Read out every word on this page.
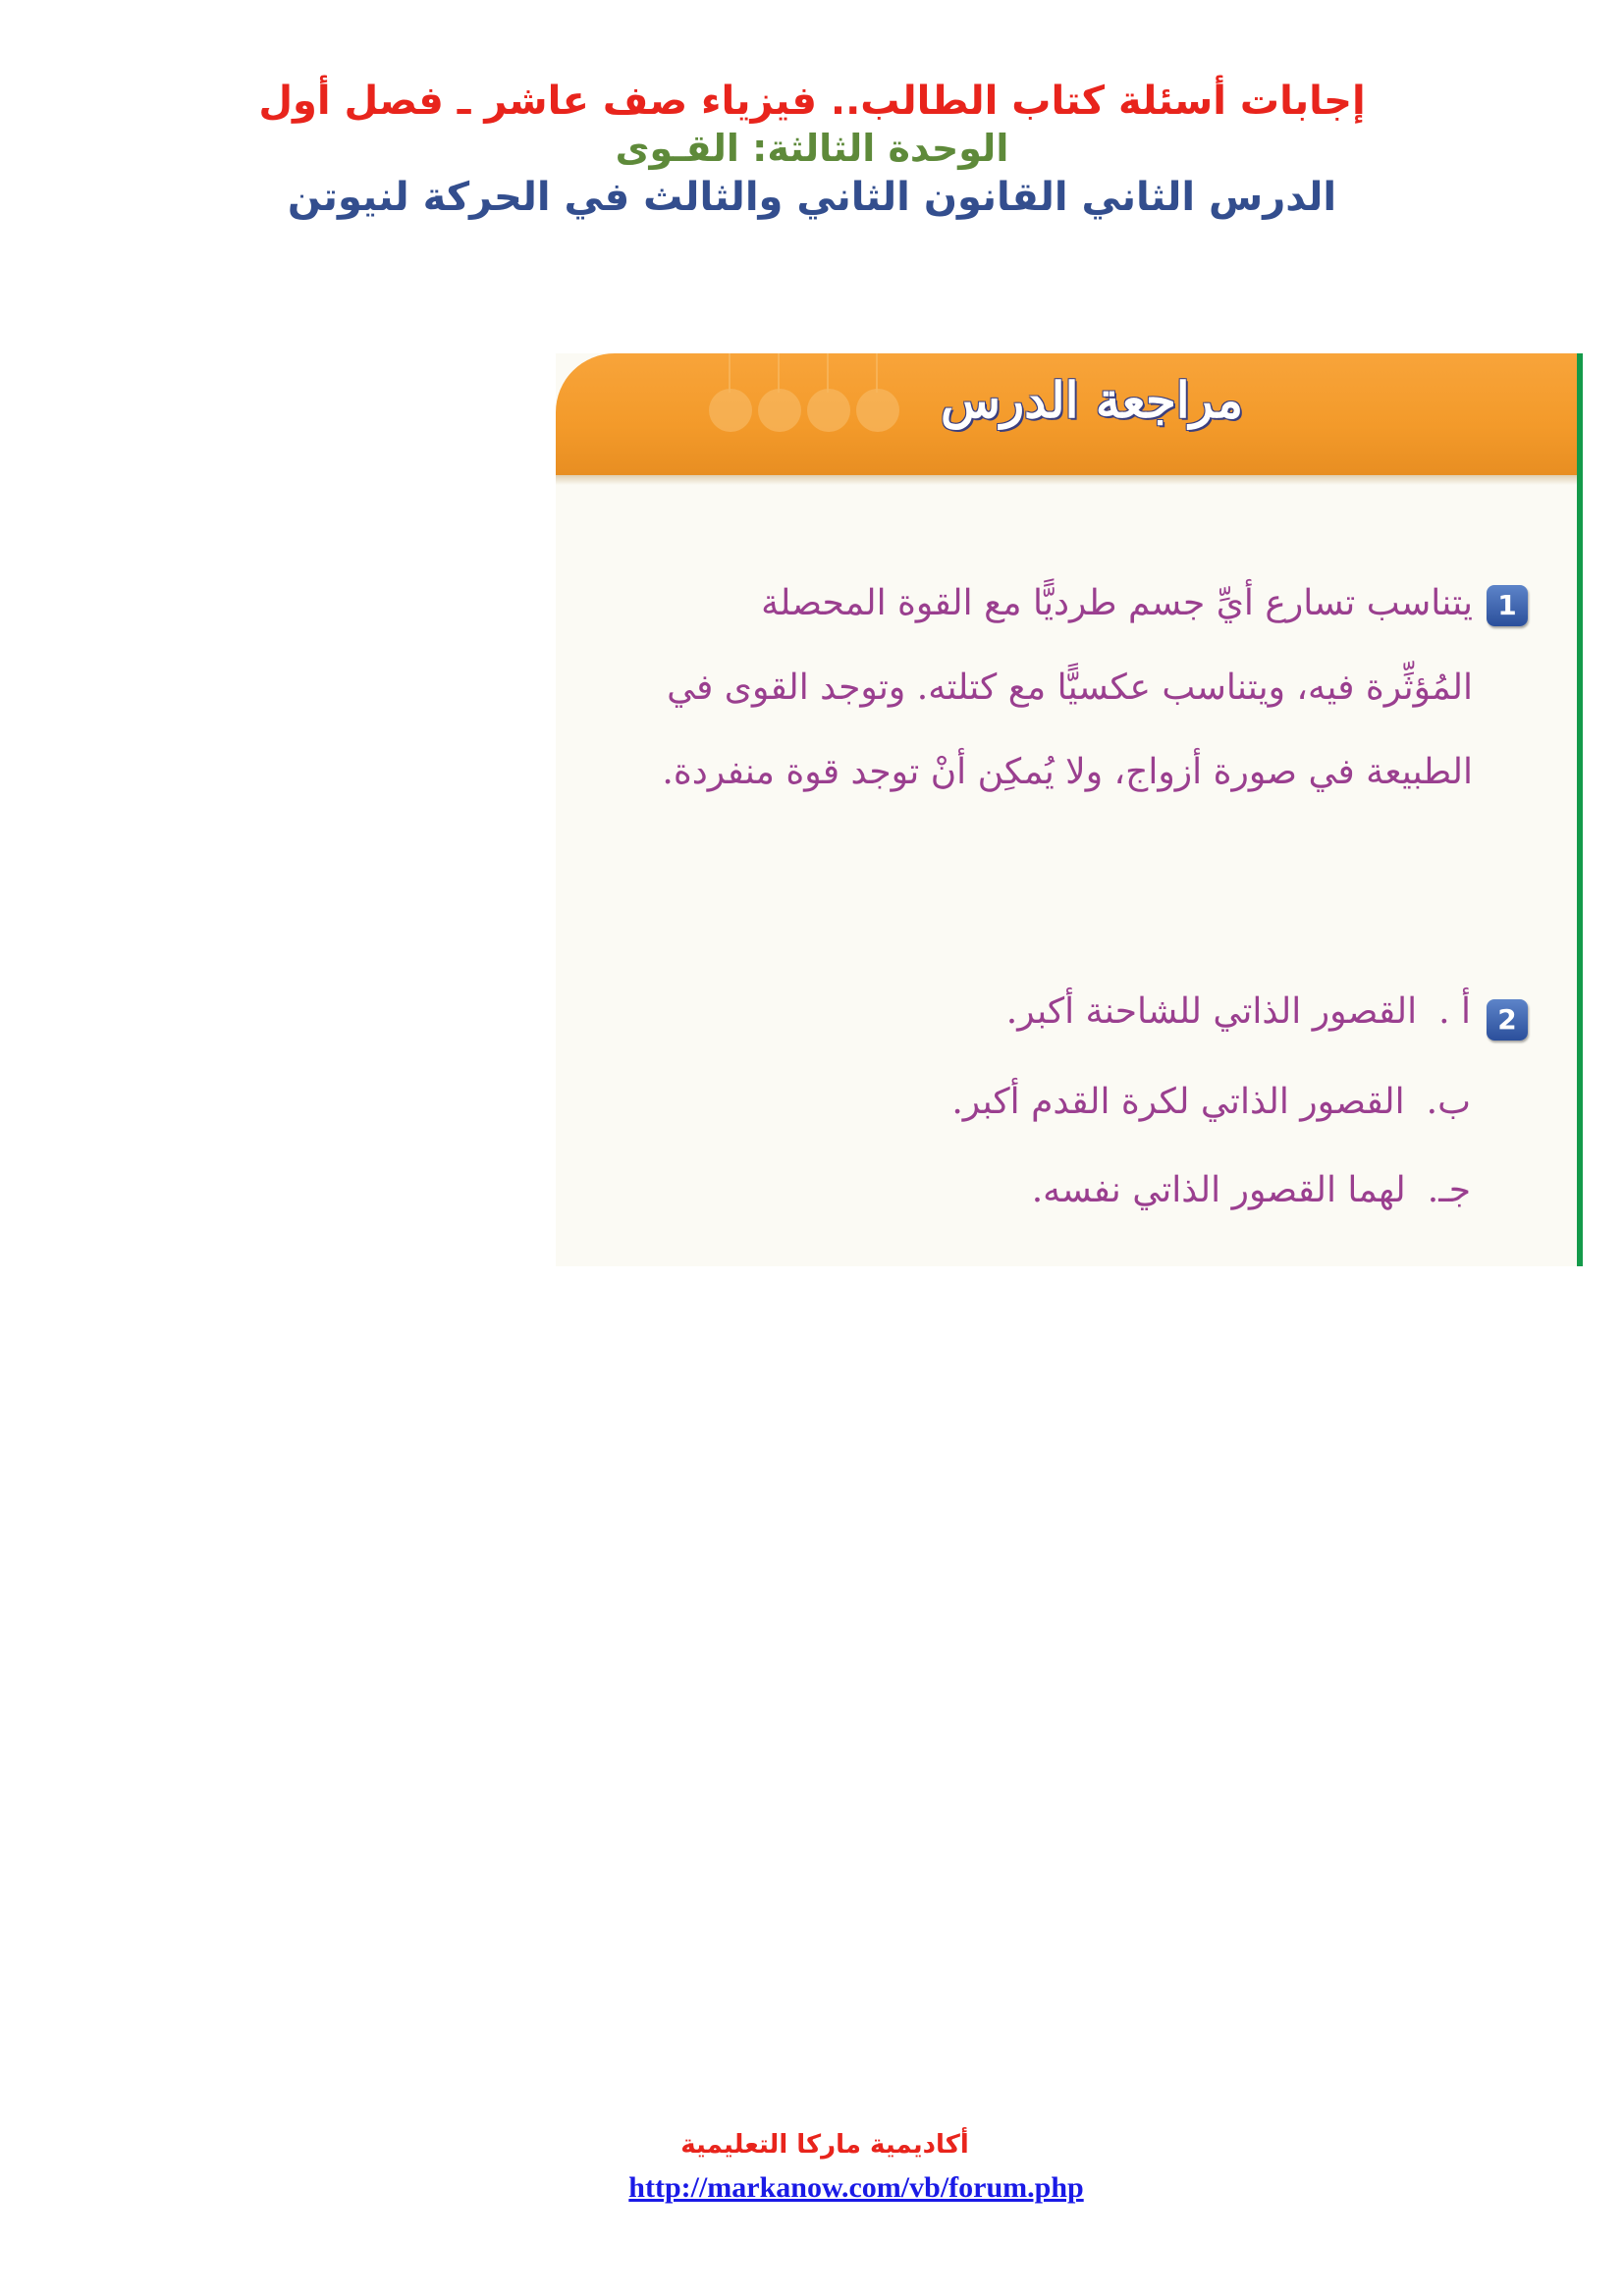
إجابات أسئلة كتاب الطالب.. فيزياء صف عاشر ـ فصل أول

الوحدة الثالثة: القـوى

الدرس الثاني القانون الثاني والثالث في الحركة لنيوتن

مراجعة الدرس
1
يتناسب تسارع أيِّ جسم طرديًّا مع القوة المحصلة المُؤثِّرة فيه، ويتناسب عكسيًّا مع كتلته. وتوجد القوى في الطبيعة في صورة أزواج، ولا يُمكِن أنْ توجد قوة منفردة.
2
أ .القصور الذاتي للشاحنة أكبر.
ب.القصور الذاتي لكرة القدم أكبر.
جـ.لهما القصور الذاتي نفسه.
أكاديمية ماركا التعليمية
http://markanow.com/vb/forum.php
